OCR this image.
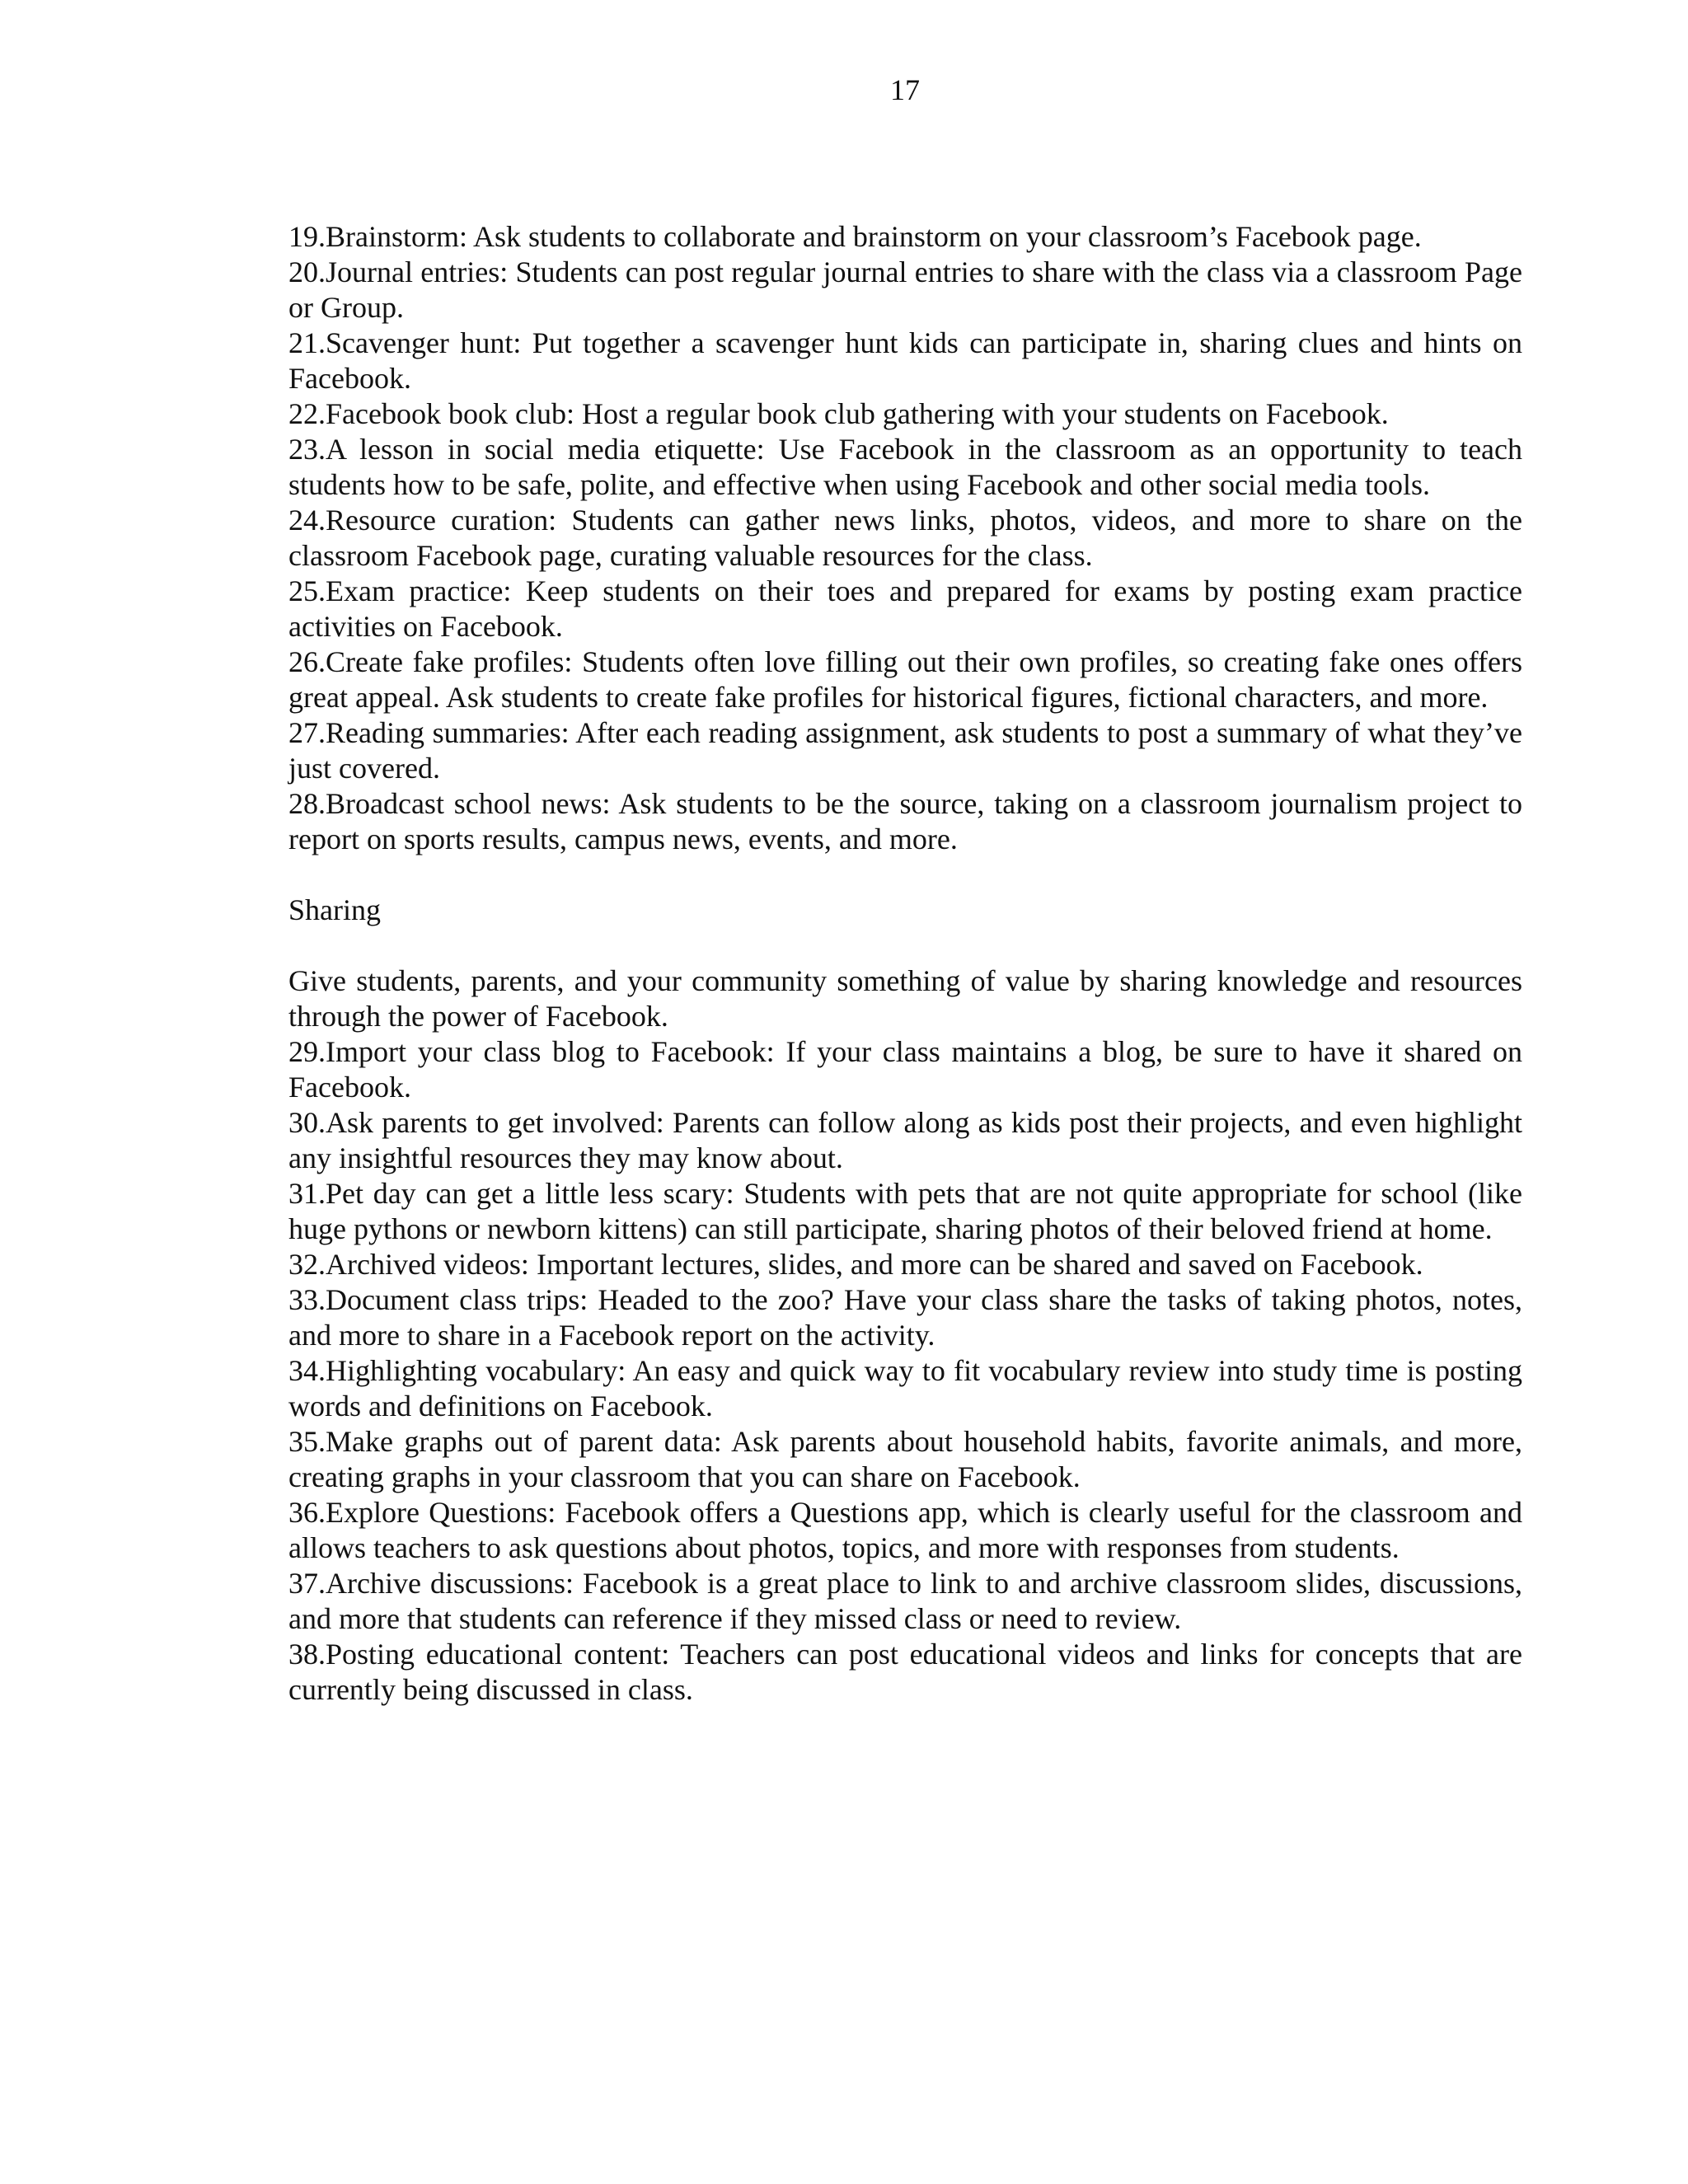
17

19.Brainstorm: Ask students to collaborate and brainstorm on your classroom’s Facebook page.

20.Journal entries: Students can post regular journal entries to share with the class via a classroom Page or Group.

21.Scavenger hunt: Put together a scavenger hunt kids can participate in, sharing clues and hints on Facebook.

22.Facebook book club: Host a regular book club gathering with your students on Facebook.

23.A lesson in social media etiquette: Use Facebook in the classroom as an opportunity to teach students how to be safe, polite, and effective when using Facebook and other social media tools.

24.Resource curation: Students can gather news links, photos, videos, and more to share on the classroom Facebook page, curating valuable resources for the class.

25.Exam practice: Keep students on their toes and prepared for exams by posting exam practice activities on Facebook.

26.Create fake profiles: Students often love filling out their own profiles, so creating fake ones offers great appeal. Ask students to create fake profiles for historical figures, fictional characters, and more.

27.Reading summaries: After each reading assignment, ask students to post a summary of what they’ve just covered.

28.Broadcast school news: Ask students to be the source, taking on a classroom journalism project to report on sports results, campus news, events, and more.

Sharing

Give students, parents, and your community something of value by sharing knowledge and resources through the power of Facebook.

29.Import your class blog to Facebook: If your class maintains a blog, be sure to have it shared on Facebook.

30.Ask parents to get involved: Parents can follow along as kids post their projects, and even highlight any insightful resources they may know about.

31.Pet day can get a little less scary: Students with pets that are not quite appropriate for school (like huge pythons or newborn kittens) can still participate, sharing photos of their beloved friend at home.

32.Archived videos: Important lectures, slides, and more can be shared and saved on Facebook.

33.Document class trips: Headed to the zoo? Have your class share the tasks of taking photos, notes, and more to share in a Facebook report on the activity.

34.Highlighting vocabulary: An easy and quick way to fit vocabulary review into study time is posting words and definitions on Facebook.

35.Make graphs out of parent data: Ask parents about household habits, favorite animals, and more, creating graphs in your classroom that you can share on Facebook.

36.Explore Questions: Facebook offers a Questions app, which is clearly useful for the classroom and allows teachers to ask questions about photos, topics, and more with responses from students.

37.Archive discussions: Facebook is a great place to link to and archive classroom slides, discussions, and more that students can reference if they missed class or need to review.

38.Posting educational content: Teachers can post educational videos and links for concepts that are currently being discussed in class.
